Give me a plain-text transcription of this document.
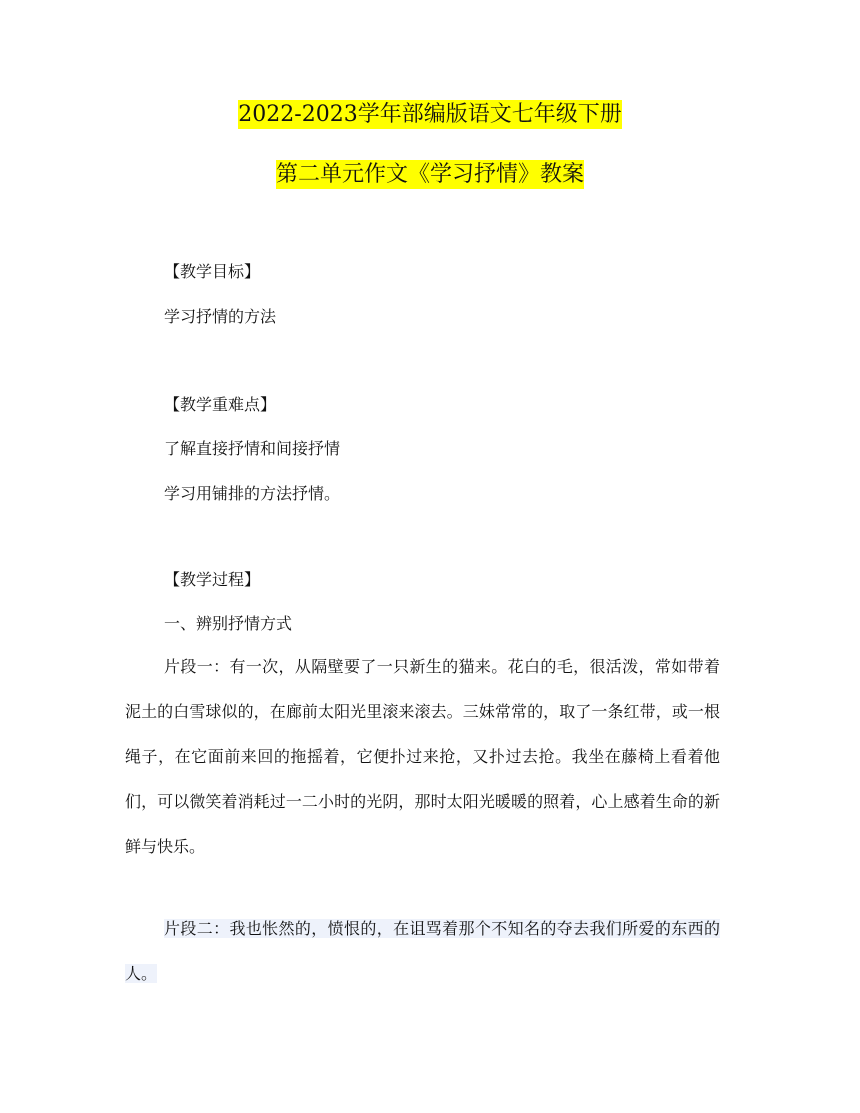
2022-2023学年部编版语文七年级下册
第二单元作文《学习抒情》教案
【教学目标】
学习抒情的方法
【教学重难点】
了解直接抒情和间接抒情
学习用铺排的方法抒情。
【教学过程】
一、辨别抒情方式
片段一：有一次，从隔壁要了一只新生的猫来。花白的毛，很活泼，常如带着泥土的白雪球似的，在廊前太阳光里滚来滚去。三妹常常的，取了一条红带，或一根绳子，在它面前来回的拖摇着，它便扑过来抢，又扑过去抢。我坐在藤椅上看着他们，可以微笑着消耗过一二小时的光阴，那时太阳光暖暖的照着，心上感着生命的新鲜与快乐。
片段二：我也怅然的，愤恨的，在诅骂着那个不知名的夺去我们所爱的东西的人。
